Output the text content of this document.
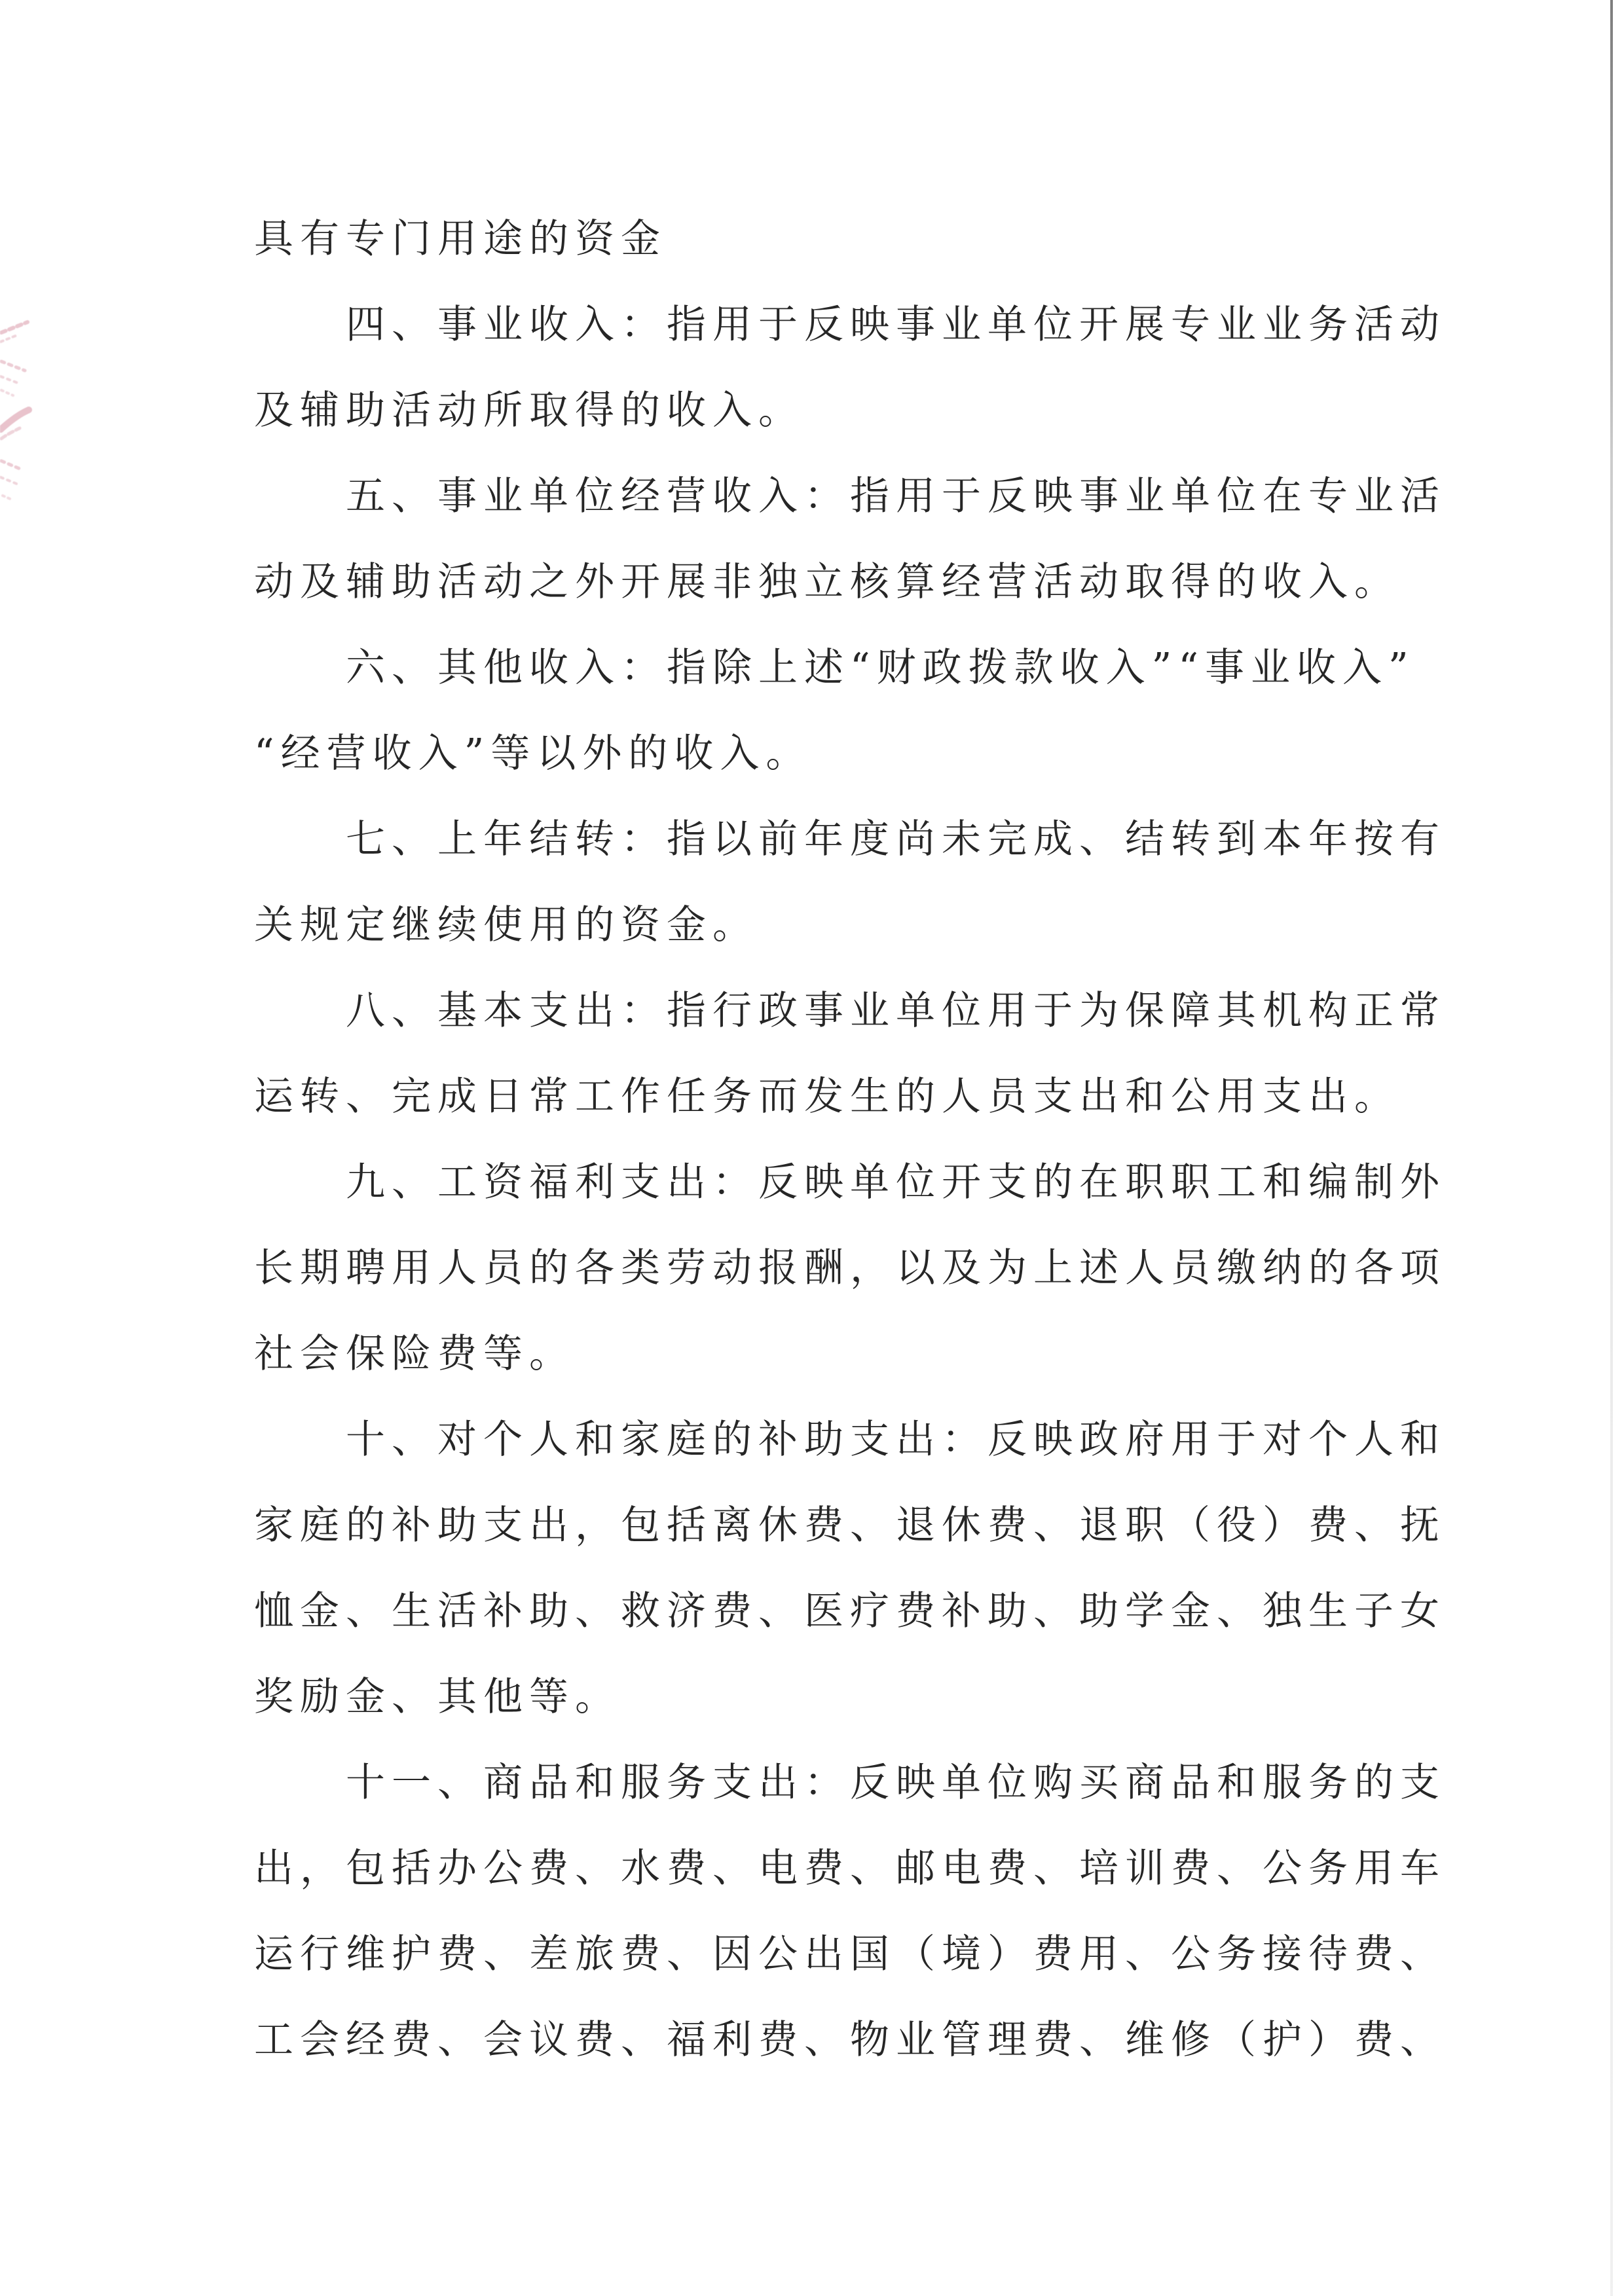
具有专门用途的资金
四、事业收入：指用于反映事业单位开展专业业务活动
及辅助活动所取得的收入。
五、事业单位经营收入：指用于反映事业单位在专业活
动及辅助活动之外开展非独立核算经营活动取得的收入。
六、其他收入：指除上述“财政拨款收入”“事业收入”
“经营收入”等以外的收入。
七、上年结转：指以前年度尚未完成、结转到本年按有
关规定继续使用的资金。
八、基本支出：指行政事业单位用于为保障其机构正常
运转、完成日常工作任务而发生的人员支出和公用支出。
九、工资福利支出：反映单位开支的在职职工和编制外
长期聘用人员的各类劳动报酬，以及为上述人员缴纳的各项
社会保险费等。
十、对个人和家庭的补助支出：反映政府用于对个人和
家庭的补助支出，包括离休费、退休费、退职（役）费、抚
恤金、生活补助、救济费、医疗费补助、助学金、独生子女
奖励金、其他等。
十一、商品和服务支出：反映单位购买商品和服务的支
出，包括办公费、水费、电费、邮电费、培训费、公务用车
运行维护费、差旅费、因公出国（境）费用、公务接待费、
工会经费、会议费、福利费、物业管理费、维修（护）费、
